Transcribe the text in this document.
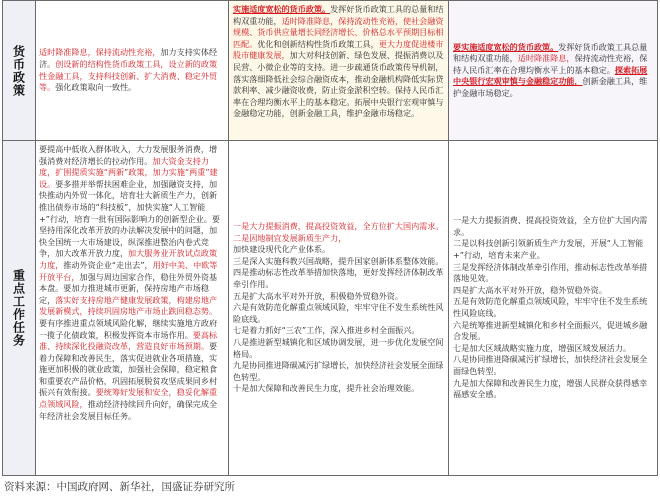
货币政策 适时降准降息，保持流动性充裕，加力支持实体经济。创设新的结构性货币政策工具，设立新的政策性金融工具，支持科技创新、扩大消费、稳定外贸等。强化政策取向一致性。

实施适度宽松的货币政策。发挥好货币政策工具的总量和结构双重功能，适时降准降息，保持流动性充裕，使社会融资规模、货币供应量增长同经济增长、价格总水平预期目标相匹配。优化和创新结构性货币政策工具，更大力度促进楼市股市健康发展，加大对科技创新、绿色发展、提振消费以及民营、小微企业等的支持。进一步疏通货币政策传导机制，落实落细降低社会综合融资成本，推动金融机构降低实际贷款利率、减少融资收费，防止资金淤积空转。保持人民币汇率在合理均衡水平上的基本稳定。拓展中央银行宏观审慎与金融稳定功能，创新金融工具，维护金融市场稳定。

要实施适度宽松的货币政策。发挥好货币政策工具总量和结构双重功能，适时降准降息，保持流动性充裕，保持人民币汇率在合理均衡水平上的基本稳定。探索拓展中央银行宏观审慎与金融稳定功能，创新金融工具，维护金融市场稳定。

重点工作任务

要提高中低收入群体收入，大力发展服务消费，增强消费对经济增长的拉动作用。加大资金支持力度，扩围提质实施“两新”政策，加力实施“两重”建设。要多措并举帮扶困难企业，加强融资支持，加快推动内外贸一体化，培育壮大新质生产力，创新推出债券市场的“科技板”，加快实施“人工智能+”行动，培育一批有国际影响力的创新型企业。要坚持用深化改革开放的办法解决发展中的问题，加快全国统一大市场建设，纵深推进整治内卷式竞争，加大改革开放力度，加大服务业开放试点政策力度，推动外资企业“走出去”，用好中美、中欧等开放平台，加强与周边国家合作，稳住外贸外资基本盘。要加力推进城市更新，保持房地产市场稳定，落实好支持房地产健康发展政策，构建房地产发展新模式，持续巩固房地产市场止跌回稳态势。要有序推进重点领域风险化解，继续实施地方政府一揽子化债政策，积极发挥资本市场作用。要高标准、持续深化投融资改革，营造良好市场预期。要着力保障和改善民生，落实促进就业各项措施，实施更加积极的就业政策，加强社会保障，稳定粮食和重要农产品价格，巩固拓展脱贫攻坚成果同乡村振兴有效衔接。要统筹好发展和安全，稳妥化解重点领域风险，推动经济持续回升向好，确保完成全年经济社会发展目标任务。

一是大力提振消费，提高投资效益，全方位扩大国内需求。
二是因地制宜发展新质生产力，
加快建设现代化产业体系。
三是深入实施科教兴国战略，提升国家创新体系整体效能。
四是推动标志性改革举措加快落地，更好发挥经济体制改革牵引作用。
五是扩大高水平对外开放，积极稳外贸稳外资。
六是有效防范化解重点领域风险，牢牢守住不发生系统性风险底线。
七是着力抓好“三农”工作，深入推进乡村全面振兴。
八是推进新型城镇化和区域协调发展，进一步优化发展空间格局。
九是协同推进降碳减污扩绿增长，加快经济社会发展全面绿色转型。
十是加大保障和改善民生力度，提升社会治理效能。
一是大力提振消费、提高投资效益，全方位扩大国内需求。
二是以科技创新引领新质生产力发展，开展“人工智能+”行动，培育未来产业。
三是发挥经济体制改革牵引作用，推动标志性改革举措落地见效。
四是扩大高水平对外开放，稳外贸稳外资。
五是有效防范化解重点领域风险，牢牢守住不发生系统性风险底线。
六是统筹推进新型城镇化和乡村全面振兴，促进城乡融合发展。
七是加大区域战略实施力度，增强区域发展活力。
八是协同推进降碳减污扩绿增长，加快经济社会发展全面绿色转型。
九是加大保障和改善民生力度，增强人民群众获得感幸福感安全感。
资料来源：中国政府网、新华社，国盛证券研究所
